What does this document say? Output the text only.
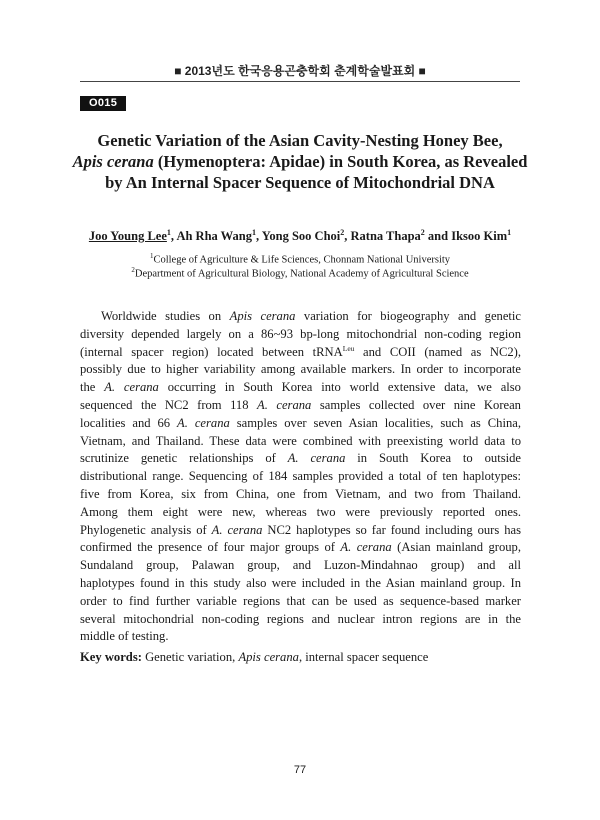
■ 2013년도 한국응용곤충학회 춘계학술발표회 ■
O015
Genetic Variation of the Asian Cavity-Nesting Honey Bee,
Apis cerana (Hymenoptera: Apidae) in South Korea, as Revealed
by An Internal Spacer Sequence of Mitochondrial DNA
Joo Young Lee$^1$, Ah Rha Wang$^1$, Yong Soo Choi$^2$, Ratna Thapa$^2$ and Iksoo Kim$^1$
$^1$College of Agriculture & Life Sciences, Chonnam National University
$^2$Department of Agricultural Biology, National Academy of Agricultural Science
Worldwide studies on Apis cerana variation for biogeography and genetic
diversity depended largely on a 86~93 bp-long mitochondrial non-coding region
(internal spacer region) located between tRNA$^{Leu}$ and COII (named as NC2),
possibly due to higher variability among available markers. In order to incorporate
the A. cerana occurring in South Korea into world extensive data, we also
sequenced the NC2 from 118 A. cerana samples collected over nine Korean
localities and 66 A. cerana samples over seven Asian localities, such as China,
Vietnam, and Thailand. These data were combined with preexisting world data to
scrutinize genetic relationships of A. cerana in South Korea to outside
distributional range. Sequencing of 184 samples provided a total of ten haplotypes:
five from Korea, six from China, one from Vietnam, and two from Thailand.
Among them eight were new, whereas two were previously reported ones.
Phylogenetic analysis of A. cerana NC2 haplotypes so far found including ours has
confirmed the presence of four major groups of A. cerana (Asian mainland group,
Sundaland group, Palawan group, and Luzon-Mindahnao group) and all
haplotypes found in this study also were included in the Asian mainland group. In
order to find further variable regions that can be used as sequence-based marker
several mitochondrial non-coding regions and nuclear intron regions are in the
middle of testing.
Key words: Genetic variation, Apis cerana, internal spacer sequence
77
